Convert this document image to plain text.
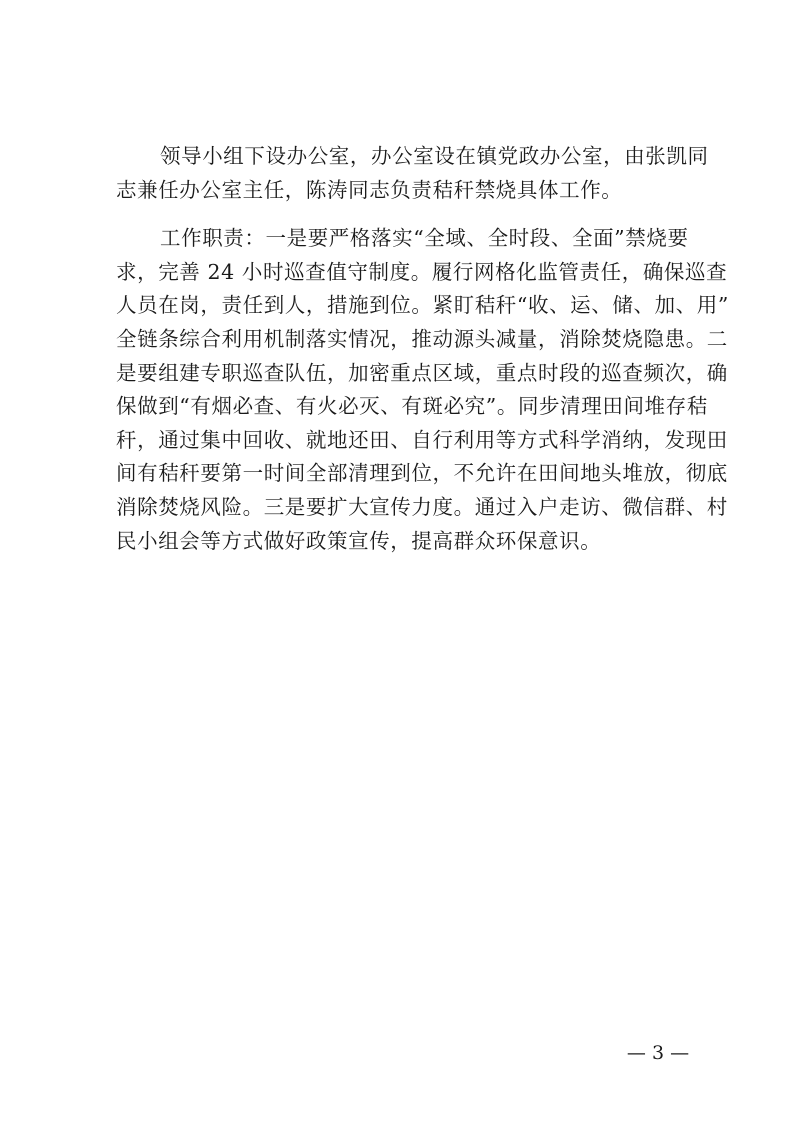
领导小组下设办公室，办公室设在镇党政办公室，由张凯同
志兼任办公室主任，陈涛同志负责秸秆禁烧具体工作。

工作职责：一是要严格落实“全域、全时段、全面”禁烧要
求，完善 24 小时巡查值守制度。履行网格化监管责任，确保巡查
人员在岗，责任到人，措施到位。紧盯秸秆“收、运、储、加、用”
全链条综合利用机制落实情况，推动源头减量，消除焚烧隐患。二
是要组建专职巡查队伍，加密重点区域，重点时段的巡查频次，确
保做到“有烟必查、有火必灭、有斑必究”。同步清理田间堆存秸
秆，通过集中回收、就地还田、自行利用等方式科学消纳，发现田
间有秸秆要第一时间全部清理到位，不允许在田间地头堆放，彻底
消除焚烧风险。三是要扩大宣传力度。通过入户走访、微信群、村
民小组会等方式做好政策宣传，提高群众环保意识。

— 3 —
